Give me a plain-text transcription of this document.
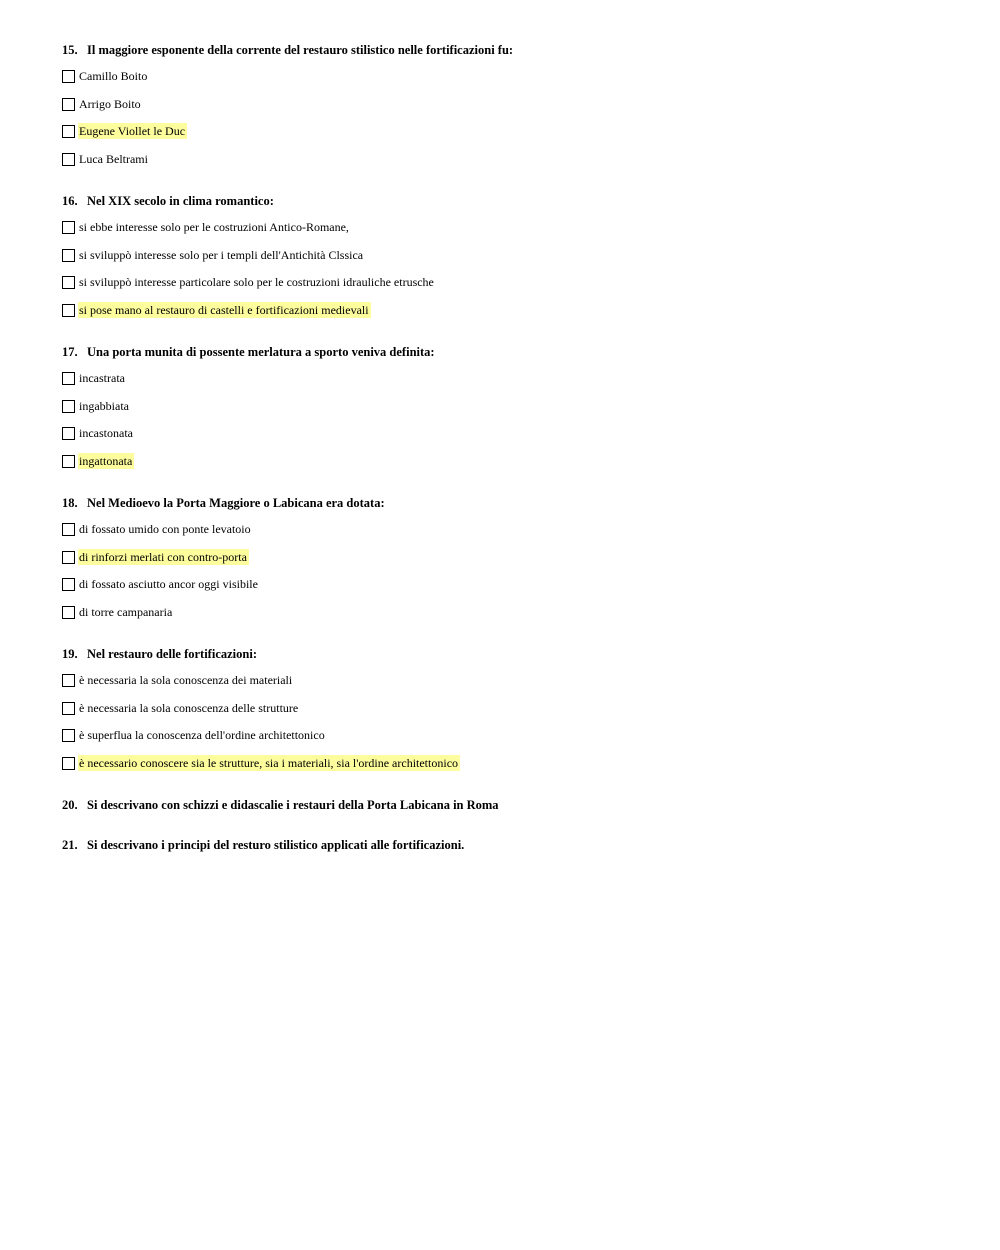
15. Il maggiore esponente della corrente del restauro stilistico nelle fortificazioni fu:
Camillo Boito
Arrigo Boito
Eugene Viollet le Duc
Luca Beltrami
16. Nel XIX secolo in clima romantico:
si ebbe interesse solo per le costruzioni Antico-Romane,
si sviluppò interesse solo per i templi dell'Antichità Clssica
si sviluppò interesse particolare solo per le costruzioni idrauliche etrusche
si pose mano al restauro di castelli e fortificazioni medievali
17. Una porta munita di possente merlatura a sporto veniva definita:
incastrata
ingabbiata
incastonata
ingattonata
18. Nel Medioevo la Porta Maggiore o Labicana era dotata:
di fossato umido con ponte levatoio
di rinforzi merlati con contro-porta
di fossato asciutto ancor oggi visibile
di torre campanaria
19. Nel restauro delle fortificazioni:
è necessaria la sola conoscenza dei materiali
è necessaria la sola conoscenza delle strutture
è superflua la conoscenza dell'ordine architettonico
è necessario conoscere sia le strutture, sia i materiali, sia l'ordine architettonico
20. Si descrivano con schizzi e didascalie i restauri della Porta Labicana in Roma
21. Si descrivano i principi del resturo stilistico applicati alle fortificazioni.
